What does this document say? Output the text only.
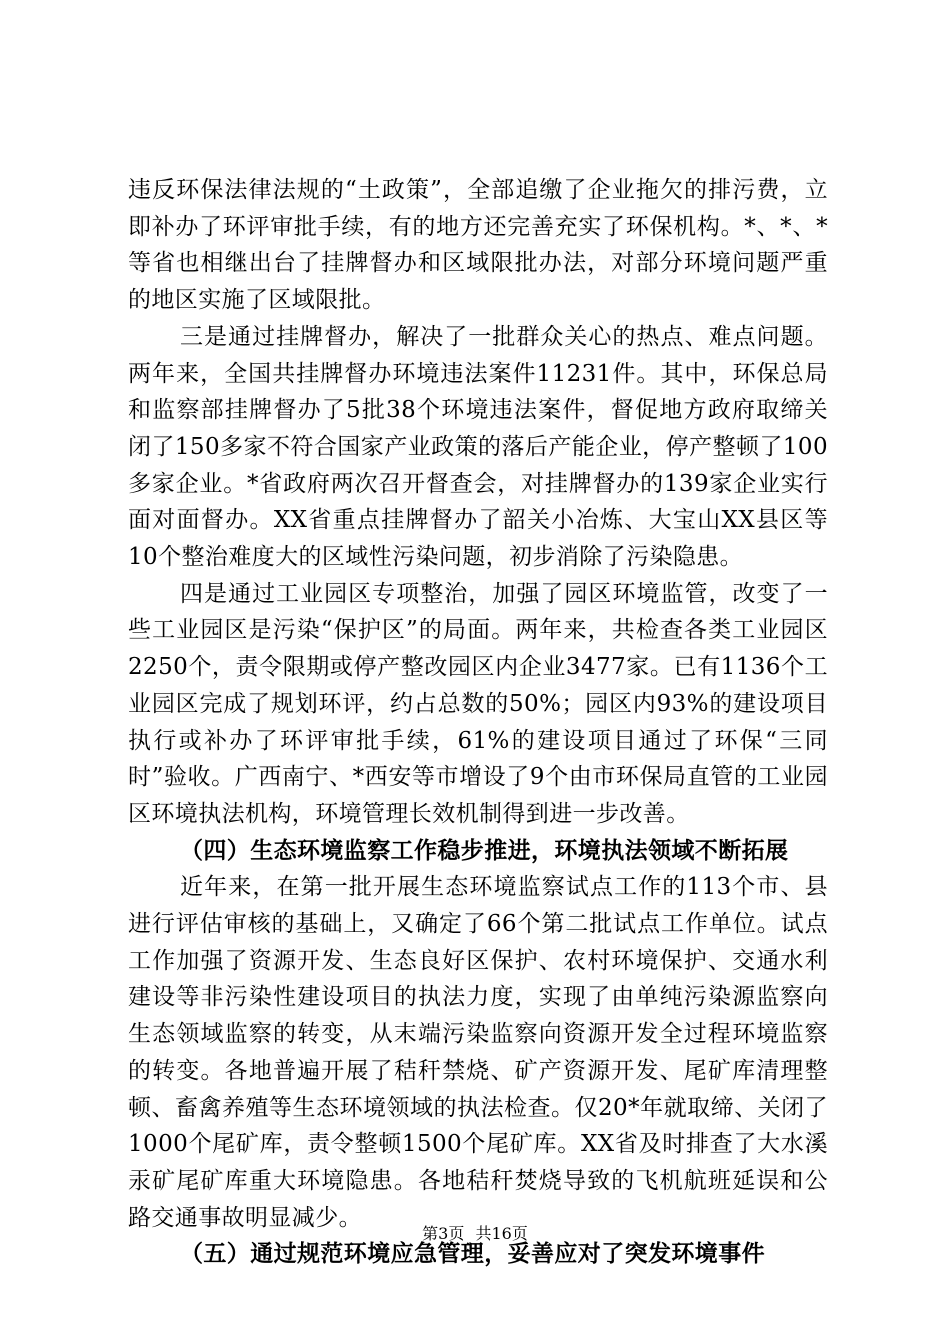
违反环保法律法规的“土政策”，全部追缴了企业拖欠的排污费，立即补办了环评审批手续，有的地方还完善充实了环保机构。*、*、*等省也相继出台了挂牌督办和区域限批办法，对部分环境问题严重的地区实施了区域限批。

三是通过挂牌督办，解决了一批群众关心的热点、难点问题。两年来，全国共挂牌督办环境违法案件11231件。其中，环保总局和监察部挂牌督办了5批38个环境违法案件，督促地方政府取缔关闭了150多家不符合国家产业政策的落后产能企业，停产整顿了100多家企业。*省政府两次召开督查会，对挂牌督办的139家企业实行面对面督办。XX省重点挂牌督办了韶关小冶炼、大宝山XX县区等10个整治难度大的区域性污染问题，初步消除了污染隐患。

四是通过工业园区专项整治，加强了园区环境监管，改变了一些工业园区是污染“保护区”的局面。两年来，共检查各类工业园区2250个，责令限期或停产整改园区内企业3477家。已有1136个工业园区完成了规划环评，约占总数的50%；园区内93%的建设项目执行或补办了环评审批手续，61%的建设项目通过了环保“三同时”验收。广西南宁、*西安等市增设了9个由市环保局直管的工业园区环境执法机构，环境管理长效机制得到进一步改善。

（四）生态环境监察工作稳步推进，环境执法领域不断拓展

近年来，在第一批开展生态环境监察试点工作的113个市、县进行评估审核的基础上，又确定了66个第二批试点工作单位。试点工作加强了资源开发、生态良好区保护、农村环境保护、交通水利建设等非污染性建设项目的执法力度，实现了由单纯污染源监察向生态领域监察的转变，从末端污染监察向资源开发全过程环境监察的转变。各地普遍开展了秸秆禁烧、矿产资源开发、尾矿库清理整顿、畜禽养殖等生态环境领域的执法检查。仅20*年就取缔、关闭了1000个尾矿库，责令整顿1500个尾矿库。XX省及时排查了大水溪汞矿尾矿库重大环境隐患。各地秸秆焚烧导致的飞机航班延误和公路交通事故明显减少。

（五）通过规范环境应急管理，妥善应对了突发环境事件

第3页 共16页
